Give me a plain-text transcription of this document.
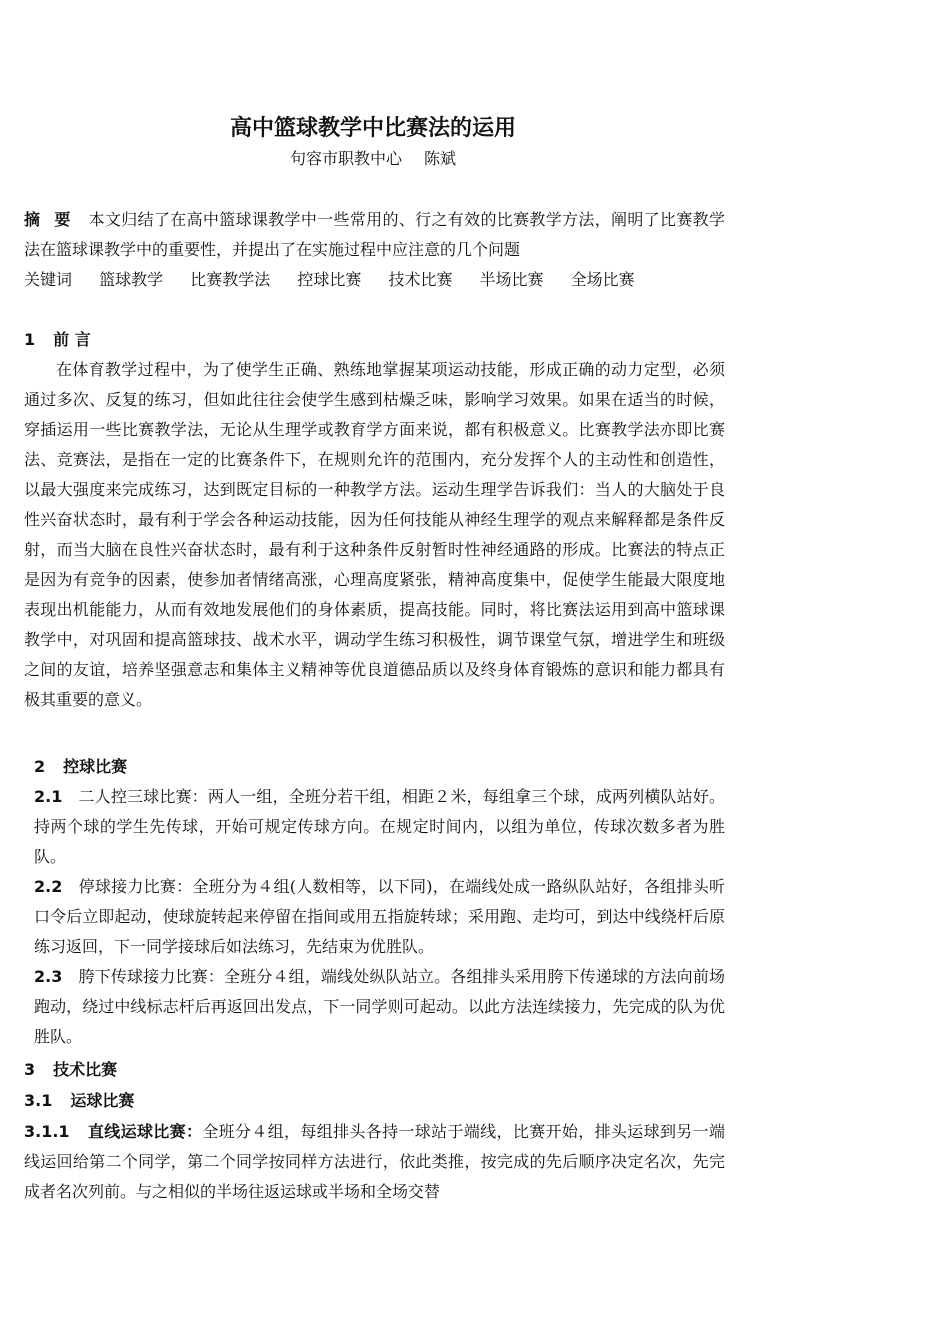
高中篮球教学中比赛法的运用
句容市职教中心 陈斌
摘要 本文归结了在高中篮球课教学中一些常用的、行之有效的比赛教学方法，阐明了比赛教学法在篮球课教学中的重要性，并提出了在实施过程中应注意的几个问题
关键词 篮球教学 比赛教学法 控球比赛 技术比赛 半场比赛 全场比赛
1 前 言
在体育教学过程中，为了使学生正确、熟练地掌握某项运动技能，形成正确的动力定型，必须通过多次、反复的练习，但如此往往会使学生感到枯燥乏味，影响学习效果。如果在适当的时候，穿插运用一些比赛教学法，无论从生理学或教育学方面来说，都有积极意义。比赛教学法亦即比赛法、竞赛法，是指在一定的比赛条件下，在规则允许的范围内，充分发挥个人的主动性和创造性，以最大强度来完成练习，达到既定目标的一种教学方法。运动生理学告诉我们：当人的大脑处于良性兴奋状态时，最有利于学会各种运动技能，因为任何技能从神经生理学的观点来解释都是条件反射，而当大脑在良性兴奋状态时，最有利于这种条件反射暂时性神经通路的形成。比赛法的特点正是因为有竞争的因素，使参加者情绪高涨，心理高度紧张，精神高度集中，促使学生能最大限度地表现出机能能力，从而有效地发展他们的身体素质，提高技能。同时，将比赛法运用到高中篮球课教学中，对巩固和提高篮球技、战术水平，调动学生练习积极性，调节课堂气氛，增进学生和班级之间的友谊，培养坚强意志和集体主义精神等优良道德品质以及终身体育锻炼的意识和能力都具有极其重要的意义。
2 控球比赛
2.1 二人控三球比赛：两人一组，全班分若干组，相距２米，每组拿三个球，成两列横队站好。持两个球的学生先传球，开始可规定传球方向。在规定时间内，以组为单位，传球次数多者为胜队。
2.2 停球接力比赛：全班分为４组(人数相等，以下同)，在端线处成一路纵队站好，各组排头听口令后立即起动，使球旋转起来停留在指间或用五指旋转球；采用跑、走均可，到达中线绕杆后原练习返回，下一同学接球后如法练习，先结束为优胜队。
2.3 胯下传球接力比赛：全班分４组，端线处纵队站立。各组排头采用胯下传递球的方法向前场跑动，绕过中线标志杆后再返回出发点，下一同学则可起动。以此方法连续接力，先完成的队为优胜队。
3 技术比赛
3.1 运球比赛
3.1.1 直线运球比赛：全班分４组，每组排头各持一球站于端线，比赛开始，排头运球到另一端线运回给第二个同学，第二个同学按同样方法进行，依此类推，按完成的先后顺序决定名次，先完成者名次列前。与之相似的半场往返运球或半场和全场交替
